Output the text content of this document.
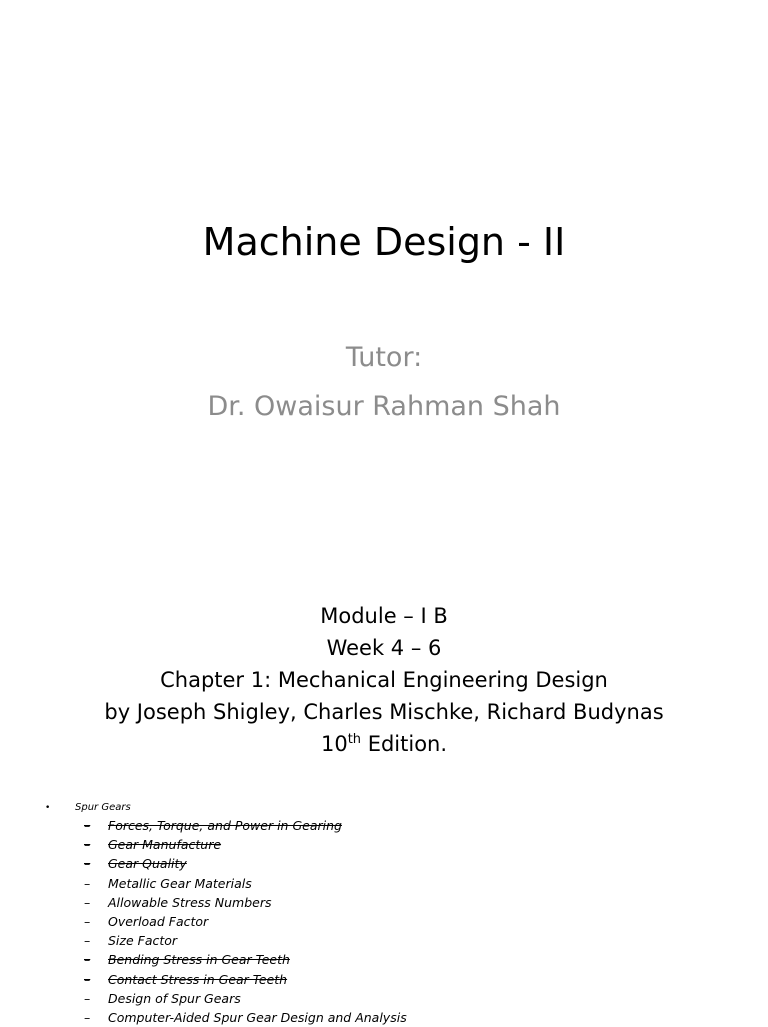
Machine Design - II
Tutor:
Dr. Owaisur Rahman Shah
Module – I B
Week 4 – 6
Chapter 1: Mechanical Engineering Design
by Joseph Shigley, Charles Mischke, Richard Budynas
10th Edition.
• Spur Gears
– Forces, Torque, and Power in Gearing
– Gear Manufacture
– Gear Quality
– Metallic Gear Materials
– Allowable Stress Numbers
– Overload Factor
– Size Factor
– Bending Stress in Gear Teeth
– Contact Stress in Gear Teeth
– Design of Spur Gears
– Computer-Aided Spur Gear Design and Analysis
